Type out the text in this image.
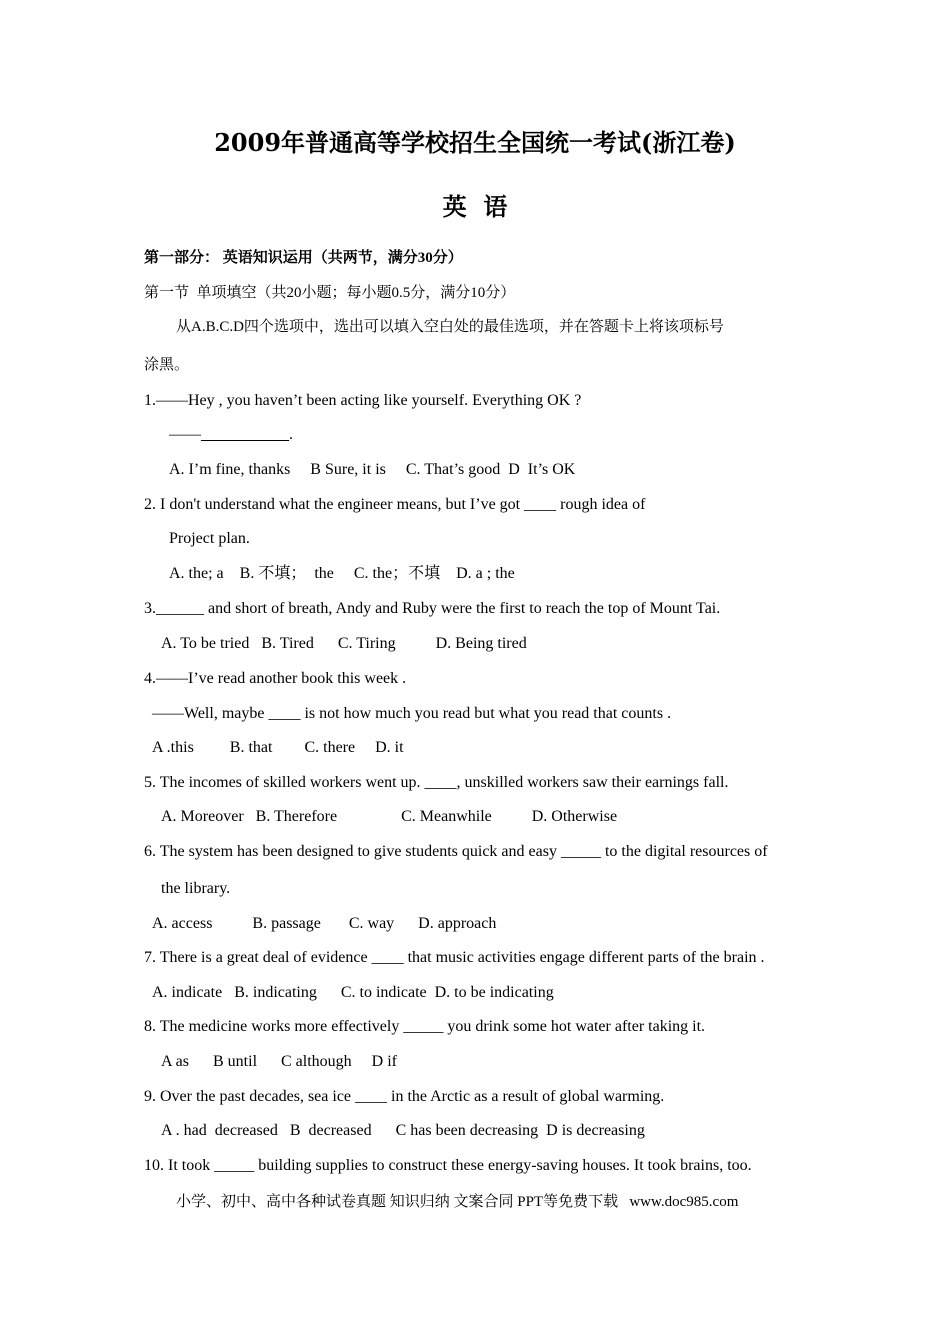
2009年普通高等学校招生全国统一考试(浙江卷)
英  语
第一部分： 英语知识运用（共两节，满分30分）
第一节  单项填空（共20小题；每小题0.5分，满分10分）
从A.B.C.D四个选项中，选出可以填入空白处的最佳选项，并在答题卡上将该项标号
涂黑。
1.——Hey , you haven’t been acting like yourself. Everything OK ?
——___________.
A. I’m fine, thanks     B Sure, it is     C. That’s good  D  It’s OK
2. I don't understand what the engineer means, but I’ve got ____ rough idea of
Project plan.
A. the; a    B. 不填；  the     C. the；不填    D. a ; the
3.______ and short of breath, Andy and Ruby were the first to reach the top of Mount Tai.
A. To be tried   B. Tired      C. Tiring          D. Being tired
4.——I’ve read another book this week .
——Well, maybe ____ is not how much you read but what you read that counts .
A .this         B. that        C. there     D. it
5. The incomes of skilled workers went up. ____, unskilled workers saw their earnings fall.
A. Moreover   B. Therefore                C. Meanwhile          D. Otherwise
6. The system has been designed to give students quick and easy _____ to the digital resources of
the library.
A. access          B. passage       C. way      D. approach
7. There is a great deal of evidence ____ that music activities engage different parts of the brain .
A. indicate   B. indicating      C. to indicate  D. to be indicating
8. The medicine works more effectively _____ you drink some hot water after taking it.
A as      B until      C although     D if
9. Over the past decades, sea ice ____ in the Arctic as a result of global warming.
A . had  decreased   B  decreased      C has been decreasing  D is decreasing
10. It took _____ building supplies to construct these energy-saving houses. It took brains, too.
小学、初中、高中各种试卷真题 知识归纳 文案合同 PPT等免费下载   www.doc985.com
